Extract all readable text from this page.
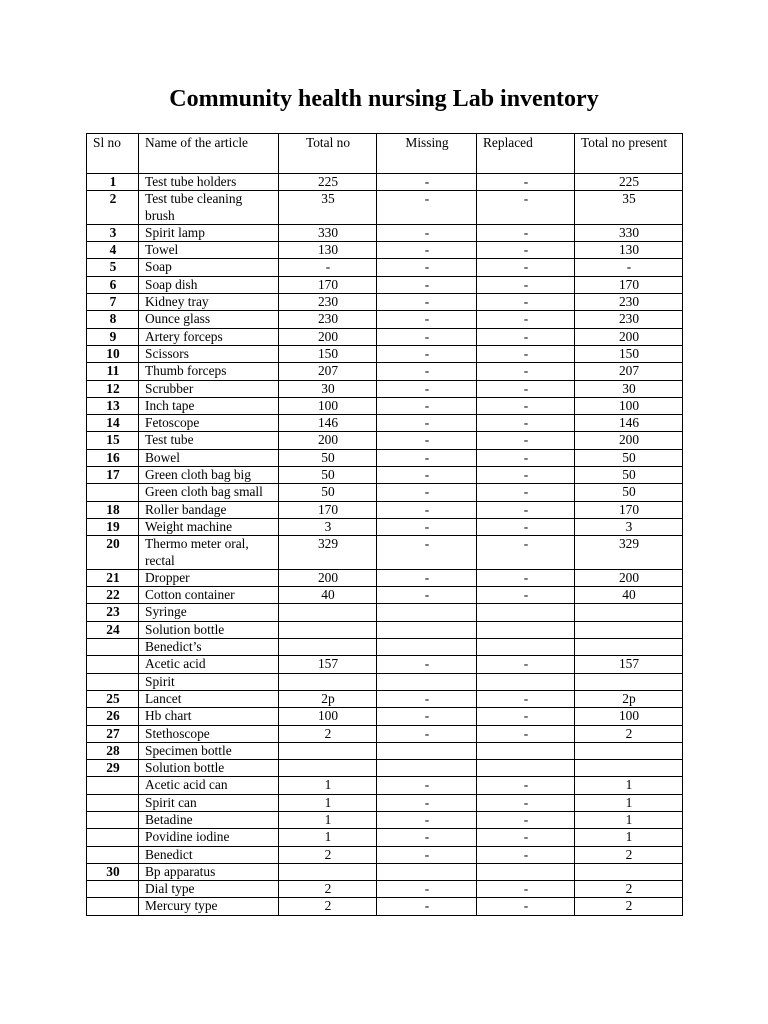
Community health nursing Lab inventory
Sl no	Name of the article	Total no	Missing	Replaced	Total no present
1	Test tube holders	225	-	-	225
2	Test tube cleaning brush	35	-	-	35
3	Spirit lamp	330	-	-	330
4	Towel	130	-	-	130
5	Soap	-	-	-	-
6	Soap dish	170	-	-	170
7	Kidney tray	230	-	-	230
8	Ounce glass	230	-	-	230
9	Artery forceps	200	-	-	200
10	Scissors	150	-	-	150
11	Thumb forceps	207	-	-	207
12	Scrubber	30	-	-	30
13	Inch tape	100	-	-	100
14	Fetoscope	146	-	-	146
15	Test tube	200	-	-	200
16	Bowel	50	-	-	50
17	Green cloth bag big	50	-	-	50
	Green cloth bag small	50	-	-	50
18	Roller bandage	170	-	-	170
19	Weight machine	3	-	-	3
20	Thermo meter oral, rectal	329	-	-	329
21	Dropper	200	-	-	200
22	Cotton container	40	-	-	40
23	Syringe				
24	Solution bottle				
	Benedict’s				
	Acetic acid	157	-	-	157
	Spirit				
25	Lancet	2p	-	-	2p
26	Hb chart	100	-	-	100
27	Stethoscope	2	-	-	2
28	Specimen bottle				
29	Solution bottle				
	Acetic acid can	1	-	-	1
	Spirit can	1	-	-	1
	Betadine	1	-	-	1
	Povidine iodine	1	-	-	1
	Benedict	2	-	-	2
30	Bp apparatus				
	Dial type	2	-	-	2
	Mercury type	2	-	-	2
